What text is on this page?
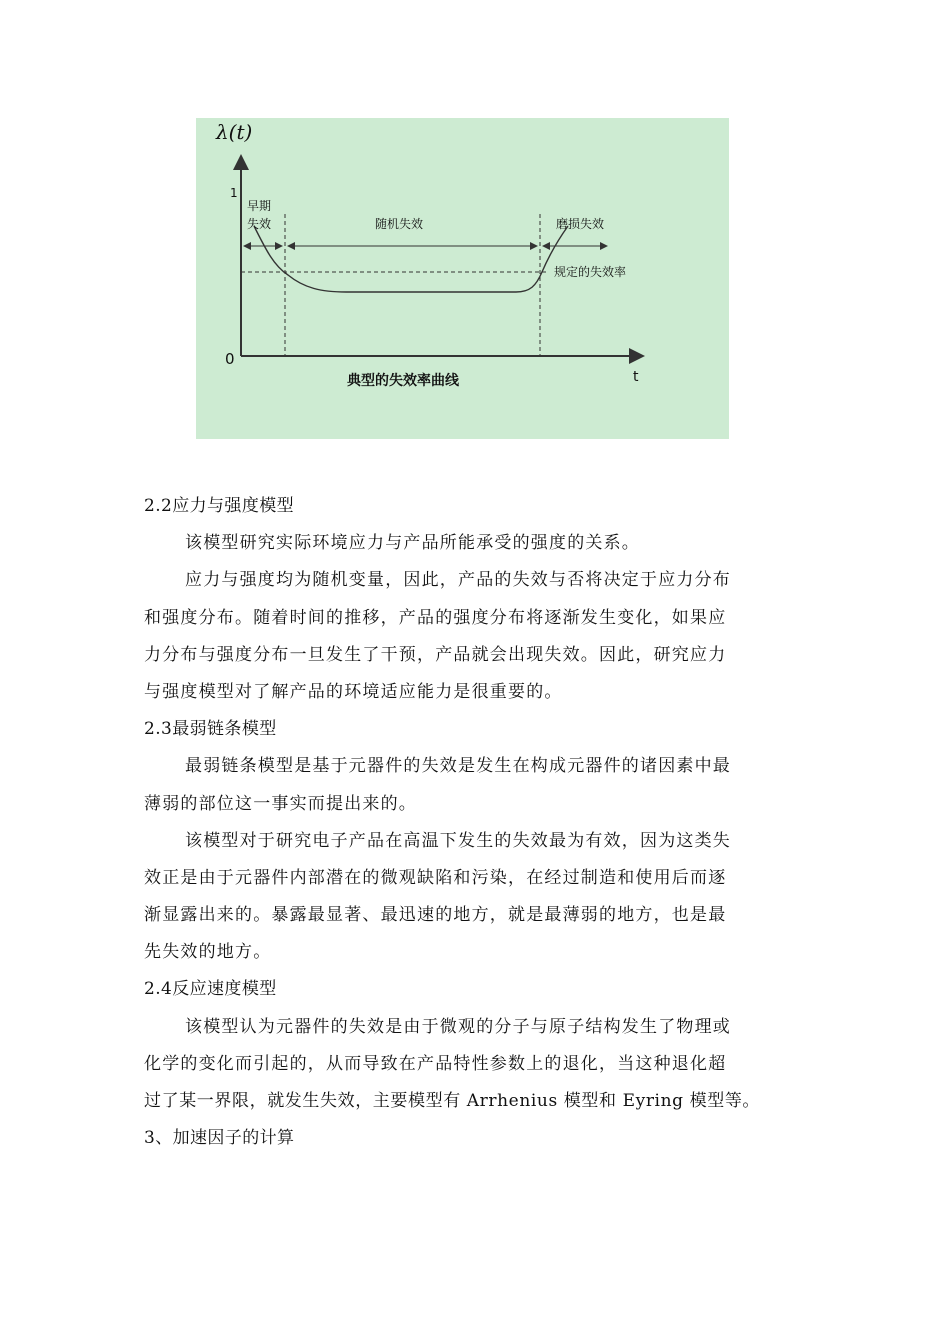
λ(t)
1
0
t
早期
失效	随机失效	磨损失效
规定的失效率
典型的失效率曲线
2.2应力与强度模型
该模型研究实际环境应力与产品所能承受的强度的关系。
应力与强度均为随机变量，因此，产品的失效与否将决定于应力分布
和强度分布。随着时间的推移，产品的强度分布将逐渐发生变化，如果应
力分布与强度分布一旦发生了干预，产品就会出现失效。因此，研究应力
与强度模型对了解产品的环境适应能力是很重要的。
2.3最弱链条模型
最弱链条模型是基于元器件的失效是发生在构成元器件的诸因素中最
薄弱的部位这一事实而提出来的。
该模型对于研究电子产品在高温下发生的失效最为有效，因为这类失
效正是由于元器件内部潜在的微观缺陷和污染，在经过制造和使用后而逐
渐显露出来的。暴露最显著、最迅速的地方，就是最薄弱的地方，也是最
先失效的地方。
2.4反应速度模型
该模型认为元器件的失效是由于微观的分子与原子结构发生了物理或
化学的变化而引起的，从而导致在产品特性参数上的退化，当这种退化超
过了某一界限，就发生失效，主要模型有 Arrhenius 模型和 Eyring 模型等。
3、加速因子的计算
